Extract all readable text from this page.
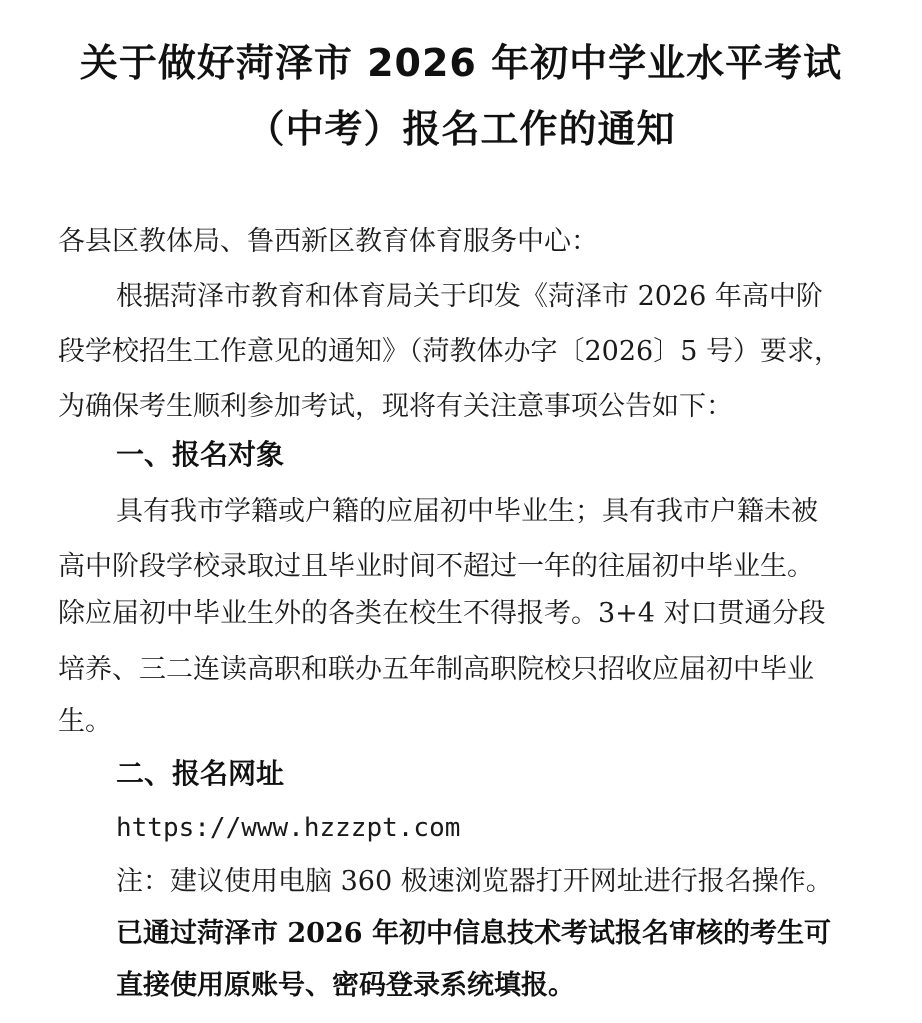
关于做好菏泽市 2026 年初中学业水平考试
（中考）报名工作的通知
各县区教体局、鲁西新区教育体育服务中心：
根据菏泽市教育和体育局关于印发《菏泽市 2026 年高中阶
段学校招生工作意见的通知》（菏教体办字〔2026〕5 号）要求，
为确保考生顺利参加考试，现将有关注意事项公告如下：
一、报名对象
具有我市学籍或户籍的应届初中毕业生；具有我市户籍未被
高中阶段学校录取过且毕业时间不超过一年的往届初中毕业生。
除应届初中毕业生外的各类在校生不得报考。3+4 对口贯通分段
培养、三二连读高职和联办五年制高职院校只招收应届初中毕业
生。
二、报名网址
https://www.hzzzpt.com
注：建议使用电脑 360 极速浏览器打开网址进行报名操作。
已通过菏泽市 2026 年初中信息技术考试报名审核的考生可
直接使用原账号、密码登录系统填报。
